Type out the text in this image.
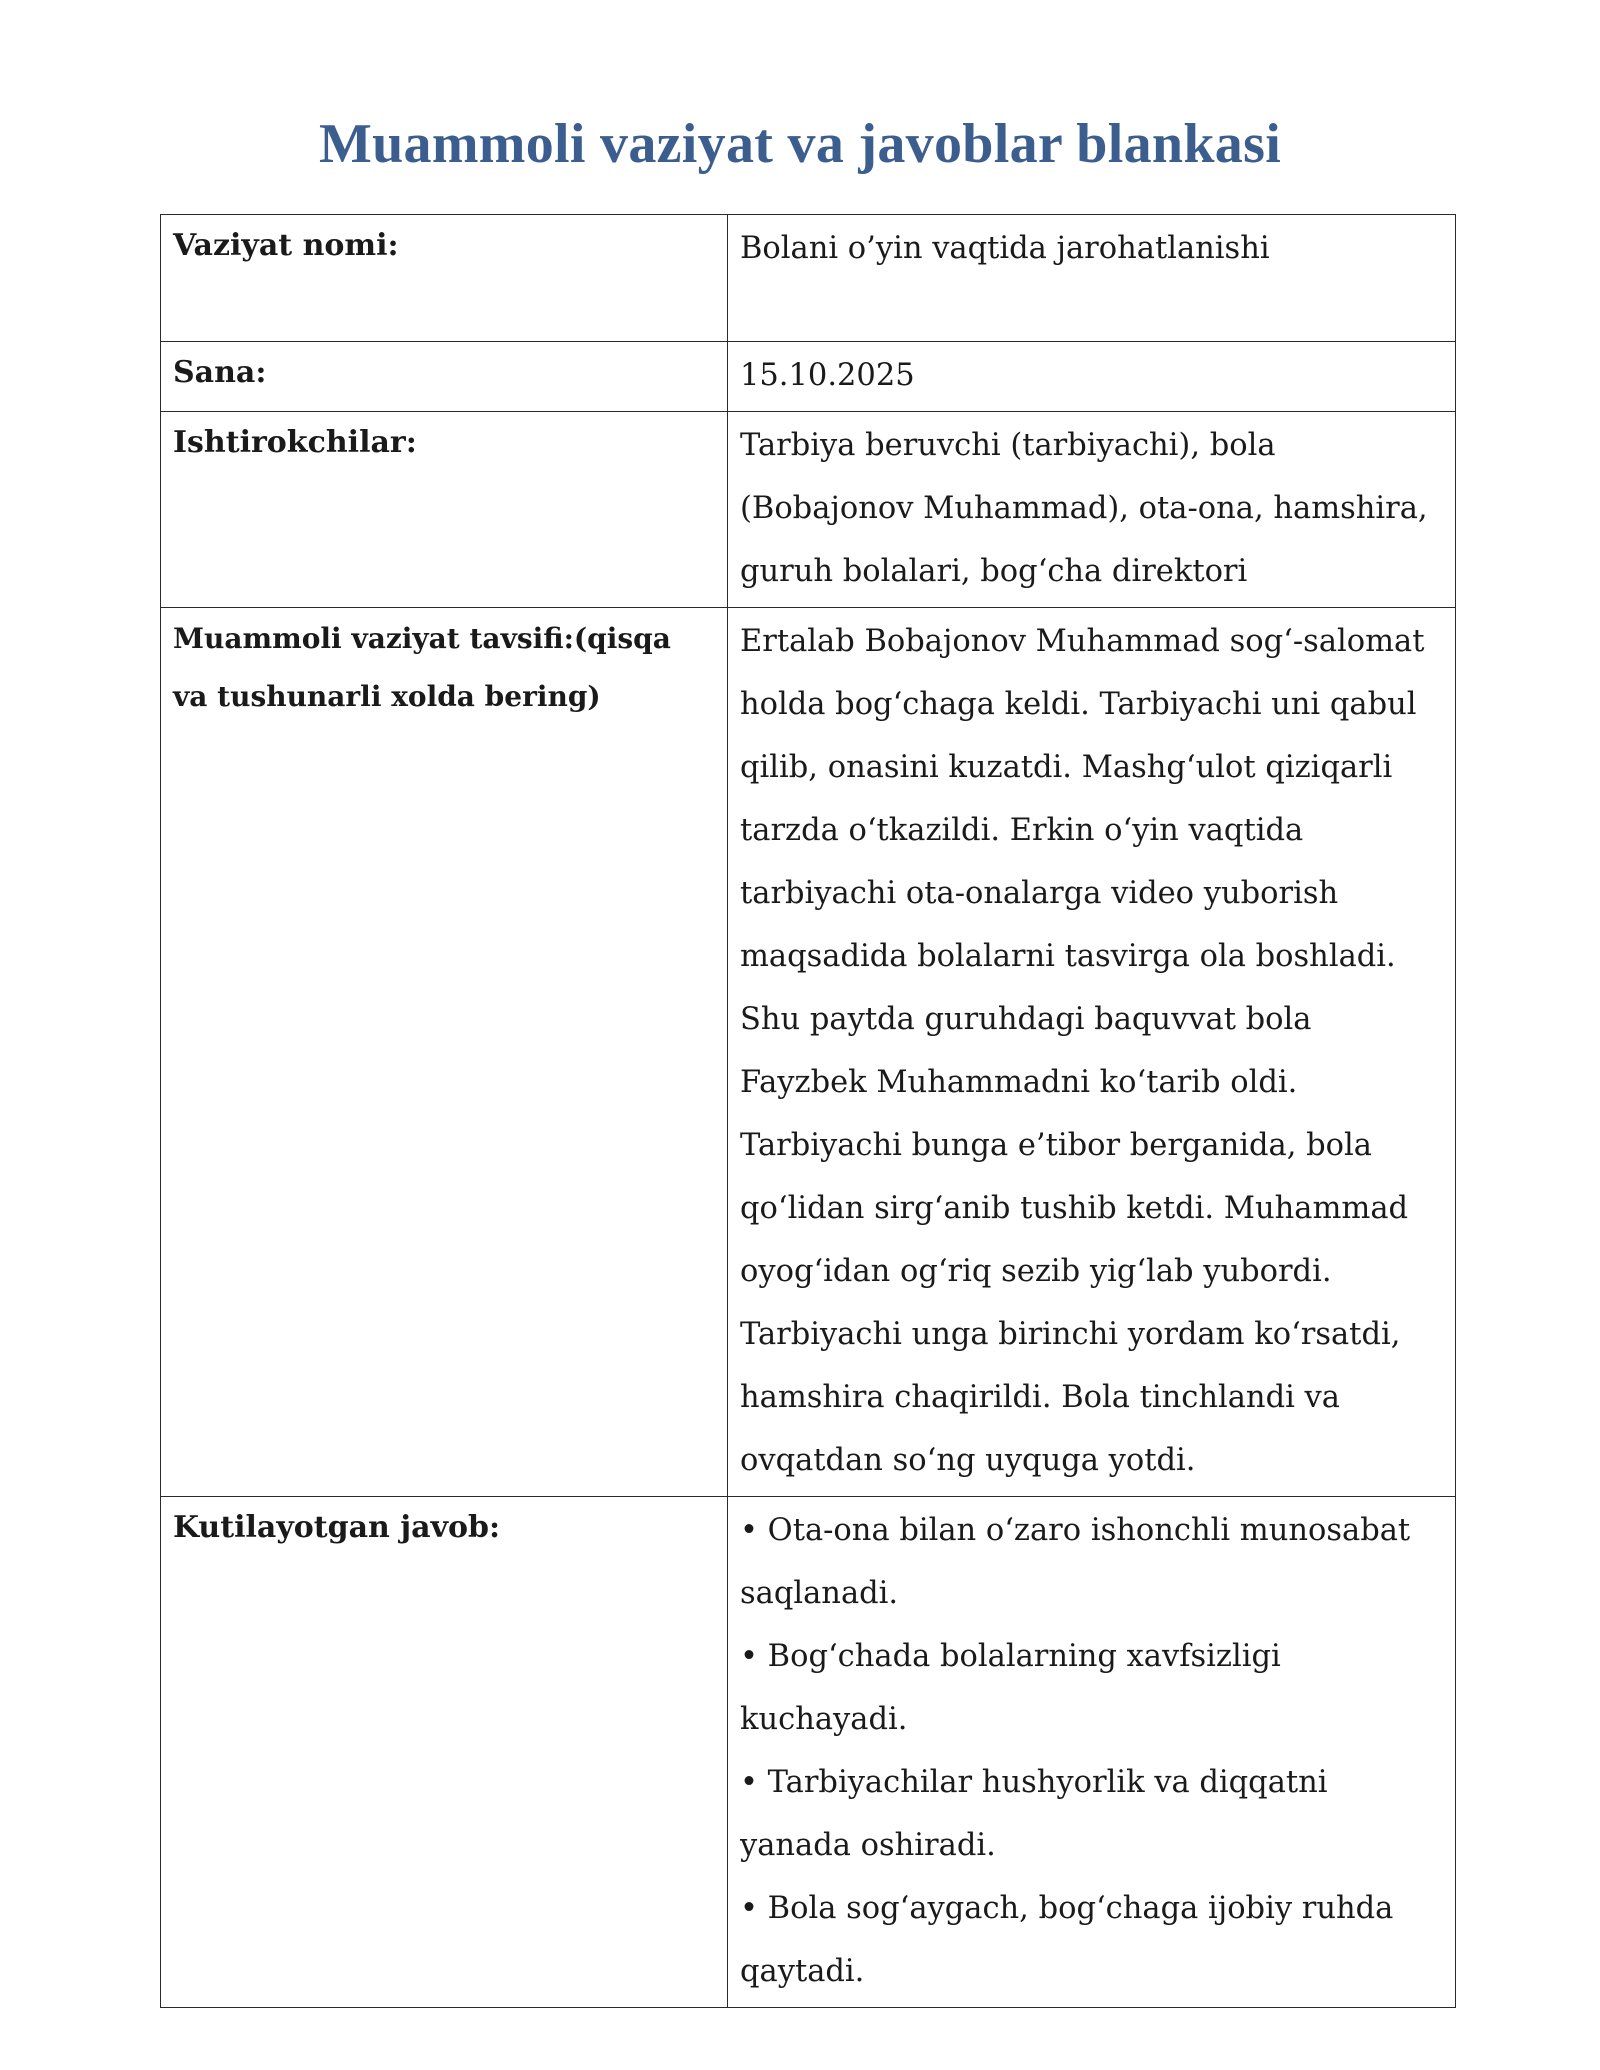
Muammoli vaziyat va javoblar blankasi
Vaziyat nomi:	Bolani o’yin vaqtida jarohatlanishi
Sana:	15.10.2025
Ishtirokchilar:	Tarbiya beruvchi (tarbiyachi), bola (Bobajonov Muhammad), ota-ona, hamshira, guruh bolalari, bog‘cha direktori
Muammoli vaziyat tavsifi:(qisqa va tushunarli xolda bering)	Ertalab Bobajonov Muhammad sog‘-salomat holda bog‘chaga keldi. Tarbiyachi uni qabul qilib, onasini kuzatdi. Mashg‘ulot qiziqarli tarzda o‘tkazildi. Erkin o‘yin vaqtida tarbiyachi ota-onalarga video yuborish maqsadida bolalarni tasvirga ola boshladi. Shu paytda guruhdagi baquvvat bola Fayzbek Muhammadni ko‘tarib oldi. Tarbiyachi bunga e’tibor berganida, bola qo‘lidan sirg‘anib tushib ketdi. Muhammad oyog‘idan og‘riq sezib yig‘lab yubordi. Tarbiyachi unga birinchi yordam ko‘rsatdi, hamshira chaqirildi. Bola tinchlandi va ovqatdan so‘ng uyquga yotdi.
Kutilayotgan javob:	• Ota-ona bilan o‘zaro ishonchli munosabat saqlanadi.
• Bog‘chada bolalarning xavfsizligi kuchayadi.
• Tarbiyachilar hushyorlik va diqqatni yanada oshiradi.
• Bola sog‘aygach, bog‘chaga ijobiy ruhda qaytadi.
